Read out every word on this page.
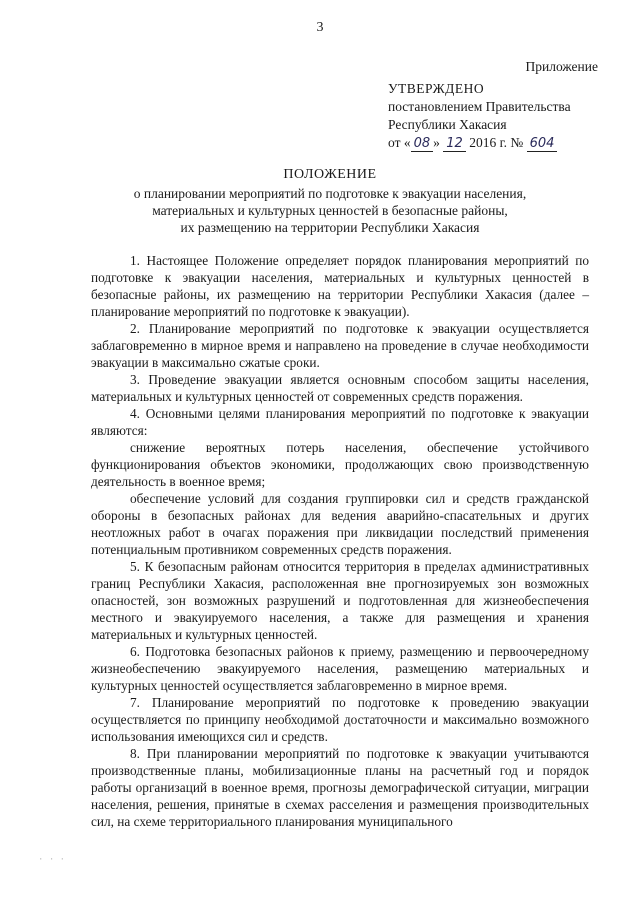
3
Приложение
УТВЕРЖДЕНО
постановлением Правительства
Республики Хакасия
от « 08 » 12 2016 г. № 604
ПОЛОЖЕНИЕ
о планировании мероприятий по подготовке к эвакуации населения,
материальных и культурных ценностей в безопасные районы,
их размещению на территории Республики Хакасия

1. Настоящее Положение определяет порядок планирования мероприятий по подготовке к эвакуации населения, материальных и культурных ценностей в безопасные районы, их размещению на территории Республики Хакасия (далее – планирование мероприятий по подготовке к эвакуации).

2. Планирование мероприятий по подготовке к эвакуации осуществляется заблаговременно в мирное время и направлено на проведение в случае необходимости эвакуации в максимально сжатые сроки.

3. Проведение эвакуации является основным способом защиты населения, материальных и культурных ценностей от современных средств поражения.

4. Основными целями планирования мероприятий по подготовке к эвакуации являются:

снижение вероятных потерь населения, обеспечение устойчивого функционирования объектов экономики, продолжающих свою производственную деятельность в военное время;

обеспечение условий для создания группировки сил и средств гражданской обороны в безопасных районах для ведения аварийно-спасательных и других неотложных работ в очагах поражения при ликвидации последствий применения потенциальным противником современных средств поражения.

5. К безопасным районам относится территория в пределах административных границ Республики Хакасия, расположенная вне прогнозируемых зон возможных опасностей, зон возможных разрушений и подготовленная для жизнеобеспечения местного и эвакуируемого населения, а также для размещения и хранения материальных и культурных ценностей.

6. Подготовка безопасных районов к приему, размещению и первоочередному жизнеобеспечению эвакуируемого населения, размещению материальных и культурных ценностей осуществляется заблаговременно в мирное время.

7. Планирование мероприятий по подготовке к проведению эвакуации осуществляется по принципу необходимой достаточности и максимально возможного использования имеющихся сил и средств.

8. При планировании мероприятий по подготовке к эвакуации учитываются производственные планы, мобилизационные планы на расчетный год и порядок работы организаций в военное время, прогнозы демографической ситуации, миграции населения, решения, принятые в схемах расселения и размещения производительных сил, на схеме территориального планирования муниципального

· · ·
